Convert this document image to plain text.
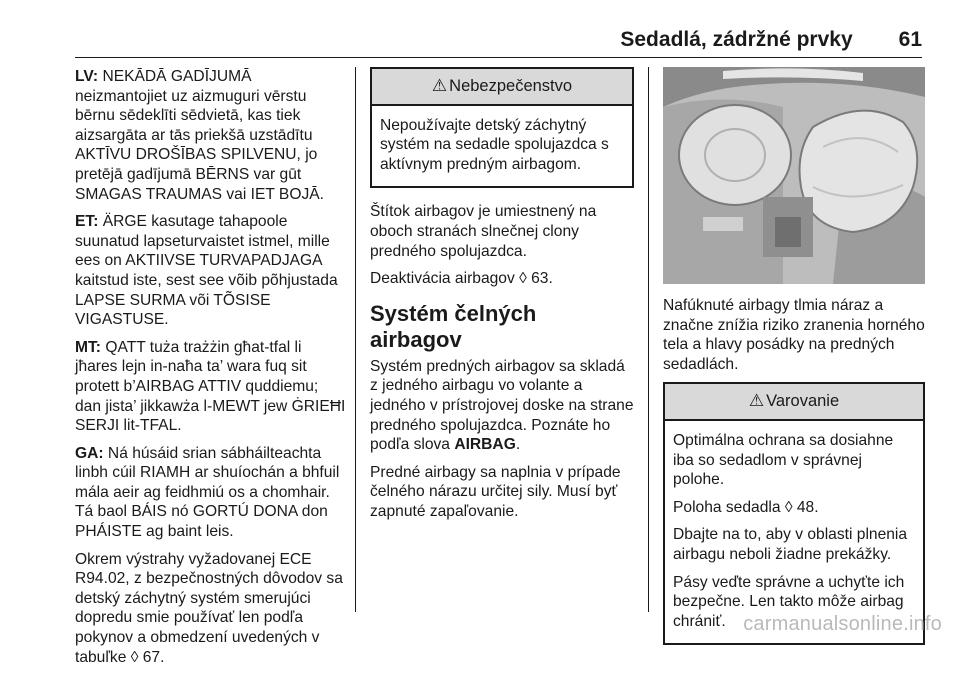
Sedadlá, zádržné prvky 61

LV: NEKĀDĀ GADĪJUMĀ neizmantojiet uz aizmuguri vērstu bērnu sēdeklīti sēdvietā, kas tiek aizsargāta ar tās priekšā uzstādītu AKTĪVU DROŠĪBAS SPILVENU, jo pretējā gadījumā BĒRNS var gūt SMAGAS TRAUMAS vai IET BOJĀ.

ET: ÄRGE kasutage tahapoole suunatud lapseturvaistet istmel, mille ees on AKTIIVSE TURVAPADJAGA kaitstud iste, sest see võib põhjustada LAPSE SURMA või TÕSISE VIGASTUSE.

MT: QATT tuża trażżin għat-tfal li jħares lejn in-naħa ta’ wara fuq sit protett b’AIRBAG ATTIV quddiemu; dan jista’ jikkawża l-MEWT jew ĠRIEĦI SERJI lit-TFAL.

GA: Ná húsáid srian sábháilteachta linbh cúil RIAMH ar shuíochán a bhfuil mála aeir ag feidhmiú os a chomhair. Tá baol BÁIS nó GORTÚ DONA don PHÁISTE ag baint leis.

Okrem výstrahy vyžadovanej ECE R94.02, z bezpečnostných dôvodov sa detský záchytný systém smerujúci dopredu smie používať len podľa pokynov a obmedzení uvedených v tabuľke ◊ 67.

⚠ Nebezpečenstvo

Nepoužívajte detský záchytný systém na sedadle spolujazdca s aktívnym predným airbagom.

Štítok airbagov je umiestnený na oboch stranách slnečnej clony predného spolujazdca.

Deaktivácia airbagov ◊ 63.

Systém čelných airbagov

Systém predných airbagov sa skladá z jedného airbagu vo volante a jedného v prístrojovej doske na strane predného spolujazdca. Poznáte ho podľa slova AIRBAG.

Predné airbagy sa naplnia v prípade čelného nárazu určitej sily. Musí byť zapnuté zapaľovanie.

Nafúknuté airbagy tlmia náraz a značne znížia riziko zranenia horného tela a hlavy posádky na predných sedadlách.

⚠ Varovanie

Optimálna ochrana sa dosiahne iba so sedadlom v správnej polohe.

Poloha sedadla ◊ 48.

Dbajte na to, aby v oblasti plnenia airbagu neboli žiadne prekážky.

Pásy veďte správne a uchyťte ich bezpečne. Len takto môže airbag chrániť. carmanualsonline.info
